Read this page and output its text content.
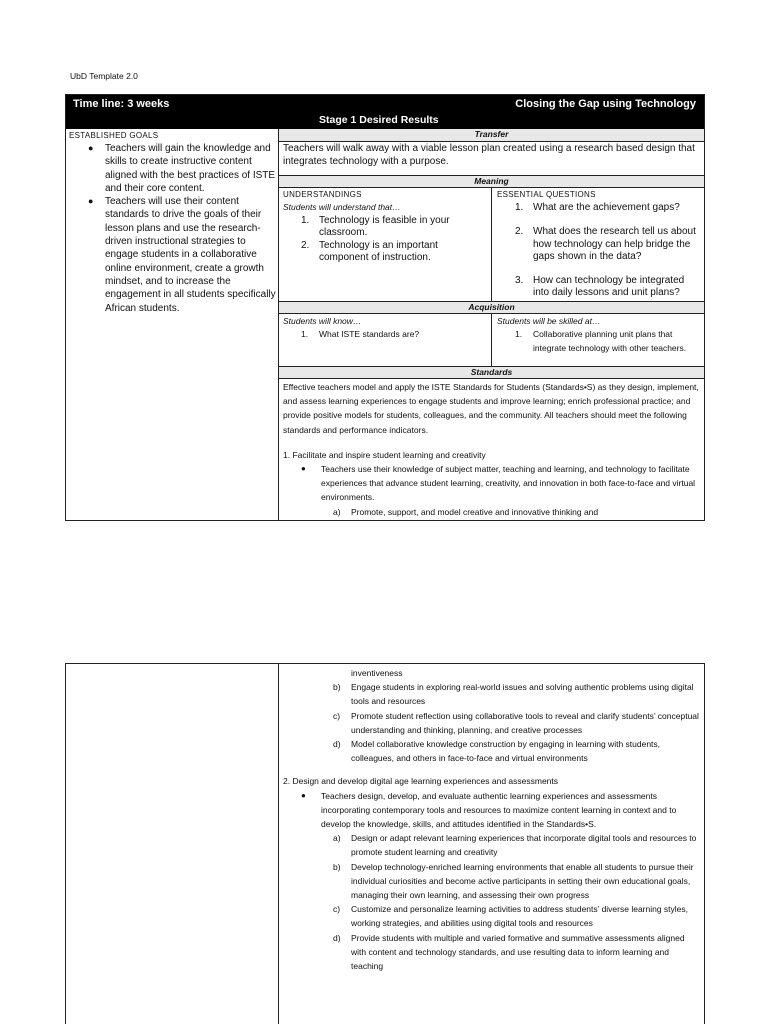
UbD Template 2.0
Time line: 3 weeks	Closing the Gap using Technology
Stage 1 Desired Results
ESTABLISHED GOALS
● Teachers will gain the knowledge and skills to create instructive content aligned with the best practices of ISTE and their core content.
● Teachers will use their content standards to drive the goals of their lesson plans and use the research-driven instructional strategies to engage students in a collaborative online environment, create a growth mindset, and to increase the engagement in all students specifically African students.
Transfer
Teachers will walk away with a viable lesson plan created using a research based design that integrates technology with a purpose.
Meaning
UNDERSTANDINGS
Students will understand that…
1. Technology is feasible in your classroom.
2. Technology is an important component of instruction.
ESSENTIAL QUESTIONS
1. What are the achievement gaps?
2. What does the research tell us about how technology can help bridge the gaps shown in the data?
3. How can technology be integrated into daily lessons and unit plans?
Acquisition
Students will know…
1. What ISTE standards are?
Students will be skilled at…
1. Collaborative planning unit plans that integrate technology with other teachers.
Standards
Effective teachers model and apply the ISTE Standards for Students (Standards•S) as they design, implement, and assess learning experiences to engage students and improve learning; enrich professional practice; and provide positive models for students, colleagues, and the community. All teachers should meet the following standards and performance indicators.
1. Facilitate and inspire student learning and creativity
● Teachers use their knowledge of subject matter, teaching and learning, and technology to facilitate experiences that advance student learning, creativity, and innovation in both face-to-face and virtual environments.
a) Promote, support, and model creative and innovative thinking and
inventiveness
b) Engage students in exploring real-world issues and solving authentic problems using digital tools and resources
c) Promote student reflection using collaborative tools to reveal and clarify students’ conceptual understanding and thinking, planning, and creative processes
d) Model collaborative knowledge construction by engaging in learning with students, colleagues, and others in face-to-face and virtual environments
2. Design and develop digital age learning experiences and assessments
● Teachers design, develop, and evaluate authentic learning experiences and assessments incorporating contemporary tools and resources to maximize content learning in context and to develop the knowledge, skills, and attitudes identified in the Standards•S.
a) Design or adapt relevant learning experiences that incorporate digital tools and resources to promote student learning and creativity
b) Develop technology-enriched learning environments that enable all students to pursue their individual curiosities and become active participants in setting their own educational goals, managing their own learning, and assessing their own progress
c) Customize and personalize learning activities to address students’ diverse learning styles, working strategies, and abilities using digital tools and resources
d) Provide students with multiple and varied formative and summative assessments aligned with content and technology standards, and use resulting data to inform learning and teaching
